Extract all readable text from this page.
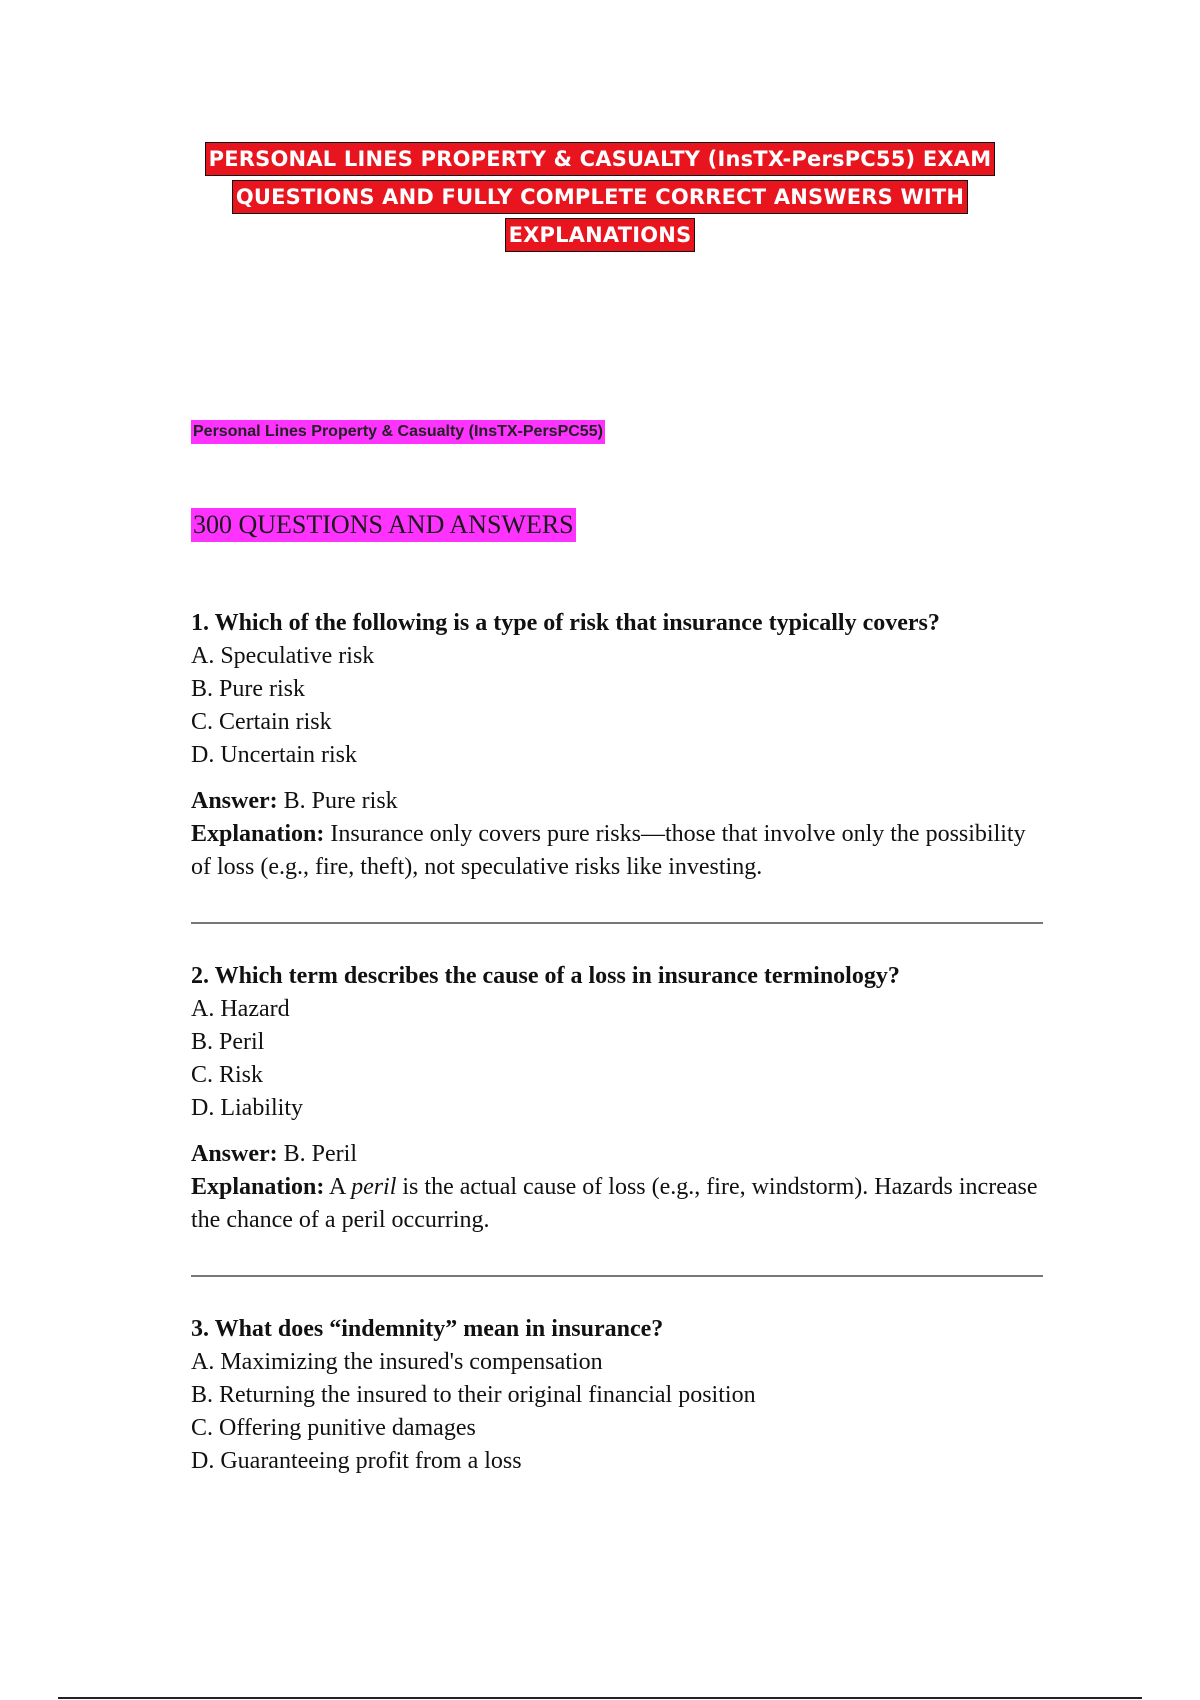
PERSONAL LINES PROPERTY & CASUALTY (InsTX-PersPC55) EXAM
QUESTIONS AND FULLY COMPLETE CORRECT ANSWERS WITH
EXPLANATIONS
Personal Lines Property & Casualty (InsTX-PersPC55)
300 QUESTIONS AND ANSWERS

1. Which of the following is a type of risk that insurance typically covers?

A. Speculative risk

B. Pure risk

C. Certain risk

D. Uncertain risk

Answer: B. Pure risk

Explanation: Insurance only covers pure risks—those that involve only the possibility of loss (e.g., fire, theft), not speculative risks like investing.

2. Which term describes the cause of a loss in insurance terminology?

A. Hazard

B. Peril

C. Risk

D. Liability

Answer: B. Peril

Explanation: A peril is the actual cause of loss (e.g., fire, windstorm). Hazards increase the chance of a peril occurring.

3. What does “indemnity” mean in insurance?

A. Maximizing the insured's compensation

B. Returning the insured to their original financial position

C. Offering punitive damages

D. Guaranteeing profit from a loss
